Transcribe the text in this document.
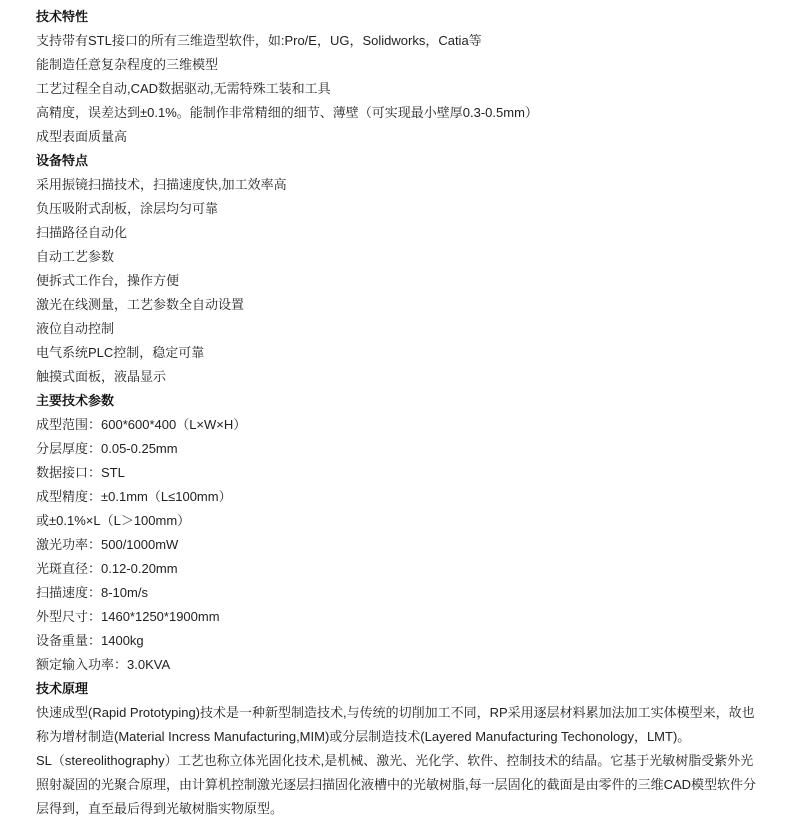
技术特性
支持带有STL接口的所有三维造型软件，如:Pro/E，UG，Solidworks，Catia等
能制造任意复杂程度的三维模型
工艺过程全自动,CAD数据驱动,无需特殊工装和工具
高精度，误差达到±0.1%。能制作非常精细的细节、薄壁（可实现最小壁厚0.3-0.5mm）
成型表面质量高
设备特点
采用振镜扫描技术，扫描速度快,加工效率高
负压吸附式刮板，涂层均匀可靠
扫描路径自动化
自动工艺参数
便拆式工作台，操作方便
激光在线测量，工艺参数全自动设置
液位自动控制
电气系统PLC控制，稳定可靠
触摸式面板，液晶显示
主要技术参数
成型范围：600*600*400（L×W×H）
分层厚度：0.05-0.25mm
数据接口：STL
成型精度：±0.1mm（L≤100mm）
或±0.1%×L（L＞100mm）
激光功率：500/1000mW
光斑直径：0.12-0.20mm
扫描速度：8-10m/s
外型尺寸：1460*1250*1900mm
设备重量：1400kg
额定输入功率：3.0KVA
技术原理
快速成型(Rapid Prototyping)技术是一种新型制造技术,与传统的切削加工不同，RP采用逐层材料累加法加工实体模型来，故也称为增材制造(Material Incress Manufacturing,MIM)或分层制造技术(Layered Manufacturing Techonology，LMT)。
SL（stereolithography）工艺也称立体光固化技术,是机械、激光、光化学、软件、控制技术的结晶。它基于光敏树脂受紫外光照射凝固的光聚合原理，由计算机控制激光逐层扫描固化液槽中的光敏树脂,每一层固化的截面是由零件的三维CAD模型软件分层得到，直至最后得到光敏树脂实物原型。
